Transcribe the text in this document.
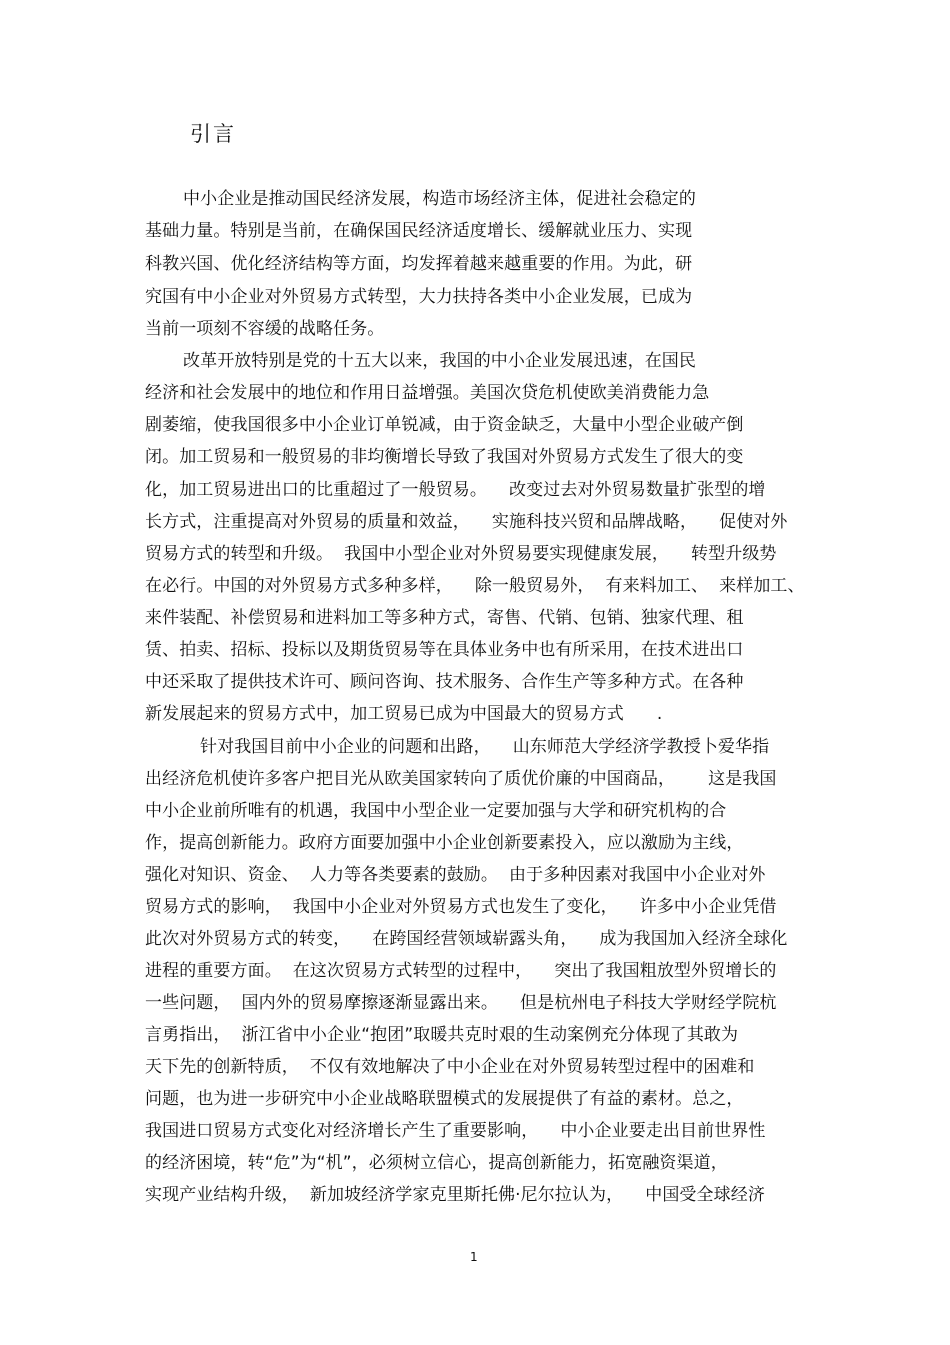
引言
中小企业是推动国民经济发展，构造市场经济主体，促进社会稳定的
基础力量。特别是当前，在确保国民经济适度增长、缓解就业压力、实现
科教兴国、优化经济结构等方面，均发挥着越来越重要的作用。为此，研
究国有中小企业对外贸易方式转型，大力扶持各类中小企业发展，已成为
当前一项刻不容缓的战略任务。
改革开放特别是党的十五大以来，我国的中小企业发展迅速，在国民
经济和社会发展中的地位和作用日益增强。美国次贷危机使欧美消费能力急
剧萎缩，使我国很多中小企业订单锐减，由于资金缺乏，大量中小型企业破产倒
闭。加工贸易和一般贸易的非均衡增长导致了我国对外贸易方式发生了很大的变
化，加工贸易进出口的比重超过了一般贸易。    改变过去对外贸易数量扩张型的增
长方式，注重提高对外贸易的质量和效益，    实施科技兴贸和品牌战略，    促使对外
贸易方式的转型和升级。  我国中小型企业对外贸易要实现健康发展，    转型升级势
在必行。中国的对外贸易方式多种多样，    除一般贸易外，  有来料加工、  来样加工、
来件装配、补偿贸易和进料加工等多种方式，寄售、代销、包销、独家代理、租
赁、拍卖、招标、投标以及期货贸易等在具体业务中也有所采用，在技术进出口
中还采取了提供技术许可、顾问咨询、技术服务、合作生产等多种方式。在各种
新发展起来的贸易方式中，加工贸易已成为中国最大的贸易方式      .
针对我国目前中小企业的问题和出路，    山东师范大学经济学教授卜爱华指
出经济危机使许多客户把目光从欧美国家转向了质优价廉的中国商品，      这是我国
中小企业前所唯有的机遇，我国中小型企业一定要加强与大学和研究机构的合
作，提高创新能力。政府方面要加强中小企业创新要素投入，应以激励为主线，
强化对知识、资金、  人力等各类要素的鼓励。  由于多种因素对我国中小企业对外
贸易方式的影响，  我国中小企业对外贸易方式也发生了变化，    许多中小企业凭借
此次对外贸易方式的转变，    在跨国经营领域崭露头角，    成为我国加入经济全球化
进程的重要方面。  在这次贸易方式转型的过程中，    突出了我国粗放型外贸增长的
一些问题，  国内外的贸易摩擦逐渐显露出来。    但是杭州电子科技大学财经学院杭
言勇指出，  浙江省中小企业“抱团”取暖共克时艰的生动案例充分体现了其敢为
天下先的创新特质，  不仅有效地解决了中小企业在对外贸易转型过程中的困难和
问题，也为进一步研究中小企业战略联盟模式的发展提供了有益的素材。总之，
我国进口贸易方式变化对经济增长产生了重要影响，    中小企业要走出目前世界性
的经济困境，转“危”为“机”，必须树立信心，提高创新能力，拓宽融资渠道，
实现产业结构升级，  新加坡经济学家克里斯托佛·尼尔拉认为，    中国受全球经济
1
